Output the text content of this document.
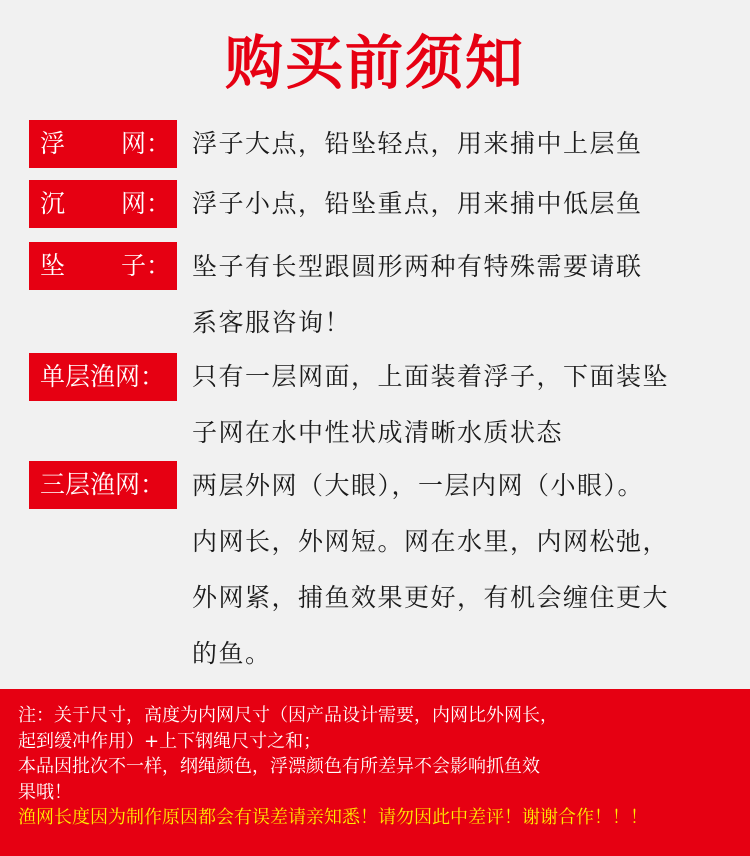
购买前须知
浮 网： 浮子大点，铅坠轻点，用来捕中上层鱼
沉 网： 浮子小点，铅坠重点，用来捕中低层鱼
坠 子： 坠子有长型跟圆形两种有特殊需要请联
系客服咨询！
单层渔网：	只有一层网面，上面装着浮子，下面装坠
子网在水中性状成清晰水质状态
三层渔网：	两层外网（大眼），一层内网（小眼）。
内网长，外网短。网在水里，内网松弛，
外网紧，捕鱼效果更好，有机会缠住更大
的鱼。

注：关于尺寸，高度为内网尺寸（因产品设计需要，内网比外网长，

起到缓冲作用）+上下钢绳尺寸之和；

本品因批次不一样，纲绳颜色，浮漂颜色有所差异不会影响抓鱼效

果哦！

渔网长度因为制作原因都会有误差请亲知悉！请勿因此中差评！谢谢合作！！！
